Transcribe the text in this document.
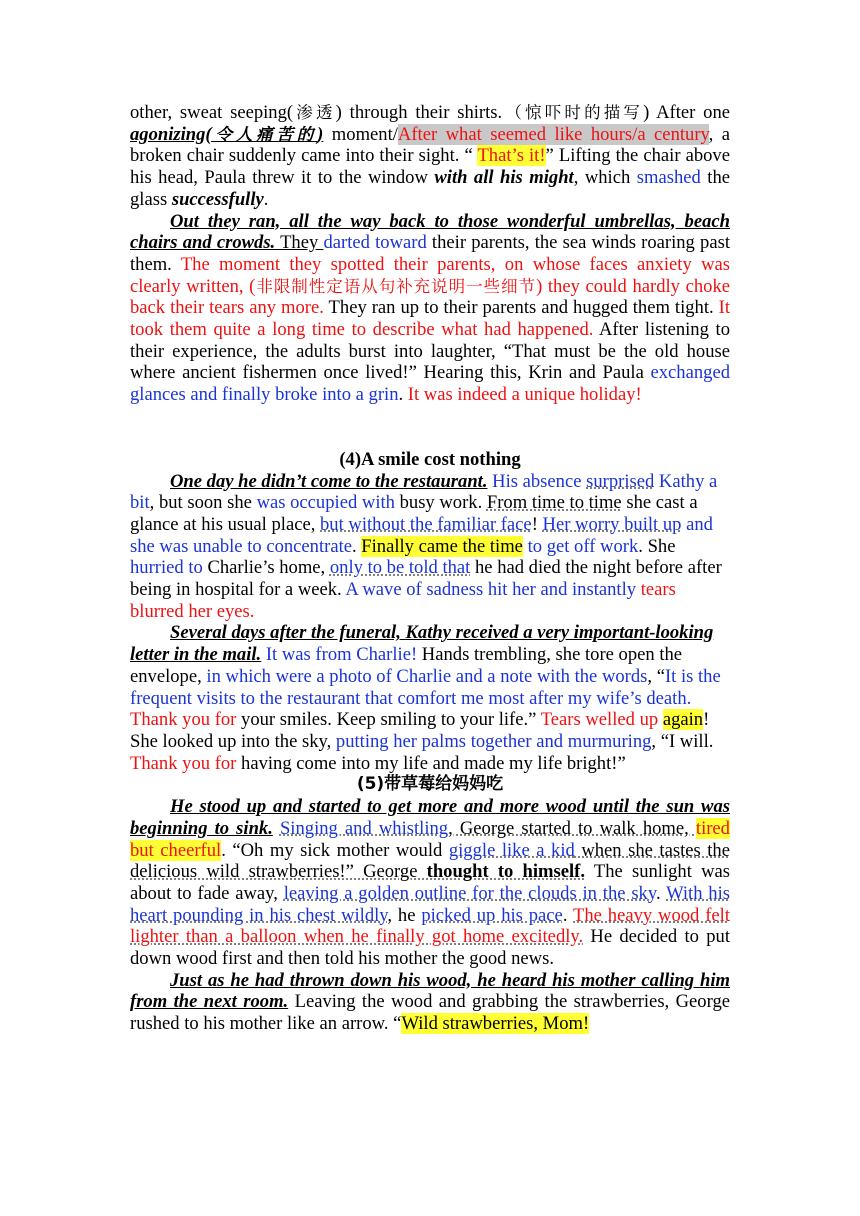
other, sweat seeping(渗透) through their shirts.（惊吓时的描写) After one agonizing(令人痛苦的) moment/After what seemed like hours/a century, a broken chair suddenly came into their sight. “ That’s it!” Lifting the chair above his head, Paula threw it to the window with all his might, which smashed the glass successfully.

Out they ran, all the way back to those wonderful umbrellas, beach chairs and crowds. They darted toward their parents, the sea winds roaring past them. The moment they spotted their parents, on whose faces anxiety was clearly written, (非限制性定语从句补充说明一些细节) they could hardly choke back their tears any more. They ran up to their parents and hugged them tight. It took them quite a long time to describe what had happened. After listening to their experience, the adults burst into laughter, “That must be the old house where ancient fishermen once lived!” Hearing this, Krin and Paula exchanged glances and finally broke into a grin. It was indeed a unique holiday!

(4)A smile cost nothing

One day he didn’t come to the restaurant. His absence surprised Kathy a bit, but soon she was occupied with busy work. From time to time she cast a glance at his usual place, but without the familiar face! Her worry built up and she was unable to concentrate. Finally came the time to get off work. She hurried to Charlie’s home, only to be told that he had died the night before after being in hospital for a week. A wave of sadness hit her and instantly tears blurred her eyes.

Several days after the funeral, Kathy received a very important-looking letter in the mail. It was from Charlie! Hands trembling, she tore open the envelope, in which were a photo of Charlie and a note with the words, “It is the frequent visits to the restaurant that comfort me most after my wife’s death. Thank you for your smiles. Keep smiling to your life.” Tears welled up again! She looked up into the sky, putting her palms together and murmuring, “I will. Thank you for having come into my life and made my life bright!”

(5)带草莓给妈妈吃

He stood up and started to get more and more wood until the sun was beginning to sink. Singing and whistling, George started to walk home, tired but cheerful. “Oh my sick mother would giggle like a kid when she tastes the delicious wild strawberries!” George thought to himself. The sunlight was about to fade away, leaving a golden outline for the clouds in the sky. With his heart pounding in his chest wildly, he picked up his pace. The heavy wood felt lighter than a balloon when he finally got home excitedly. He decided to put down wood first and then told his mother the good news.

Just as he had thrown down his wood, he heard his mother calling him from the next room. Leaving the wood and grabbing the strawberries, George rushed to his mother like an arrow. “Wild strawberries, Mom!
